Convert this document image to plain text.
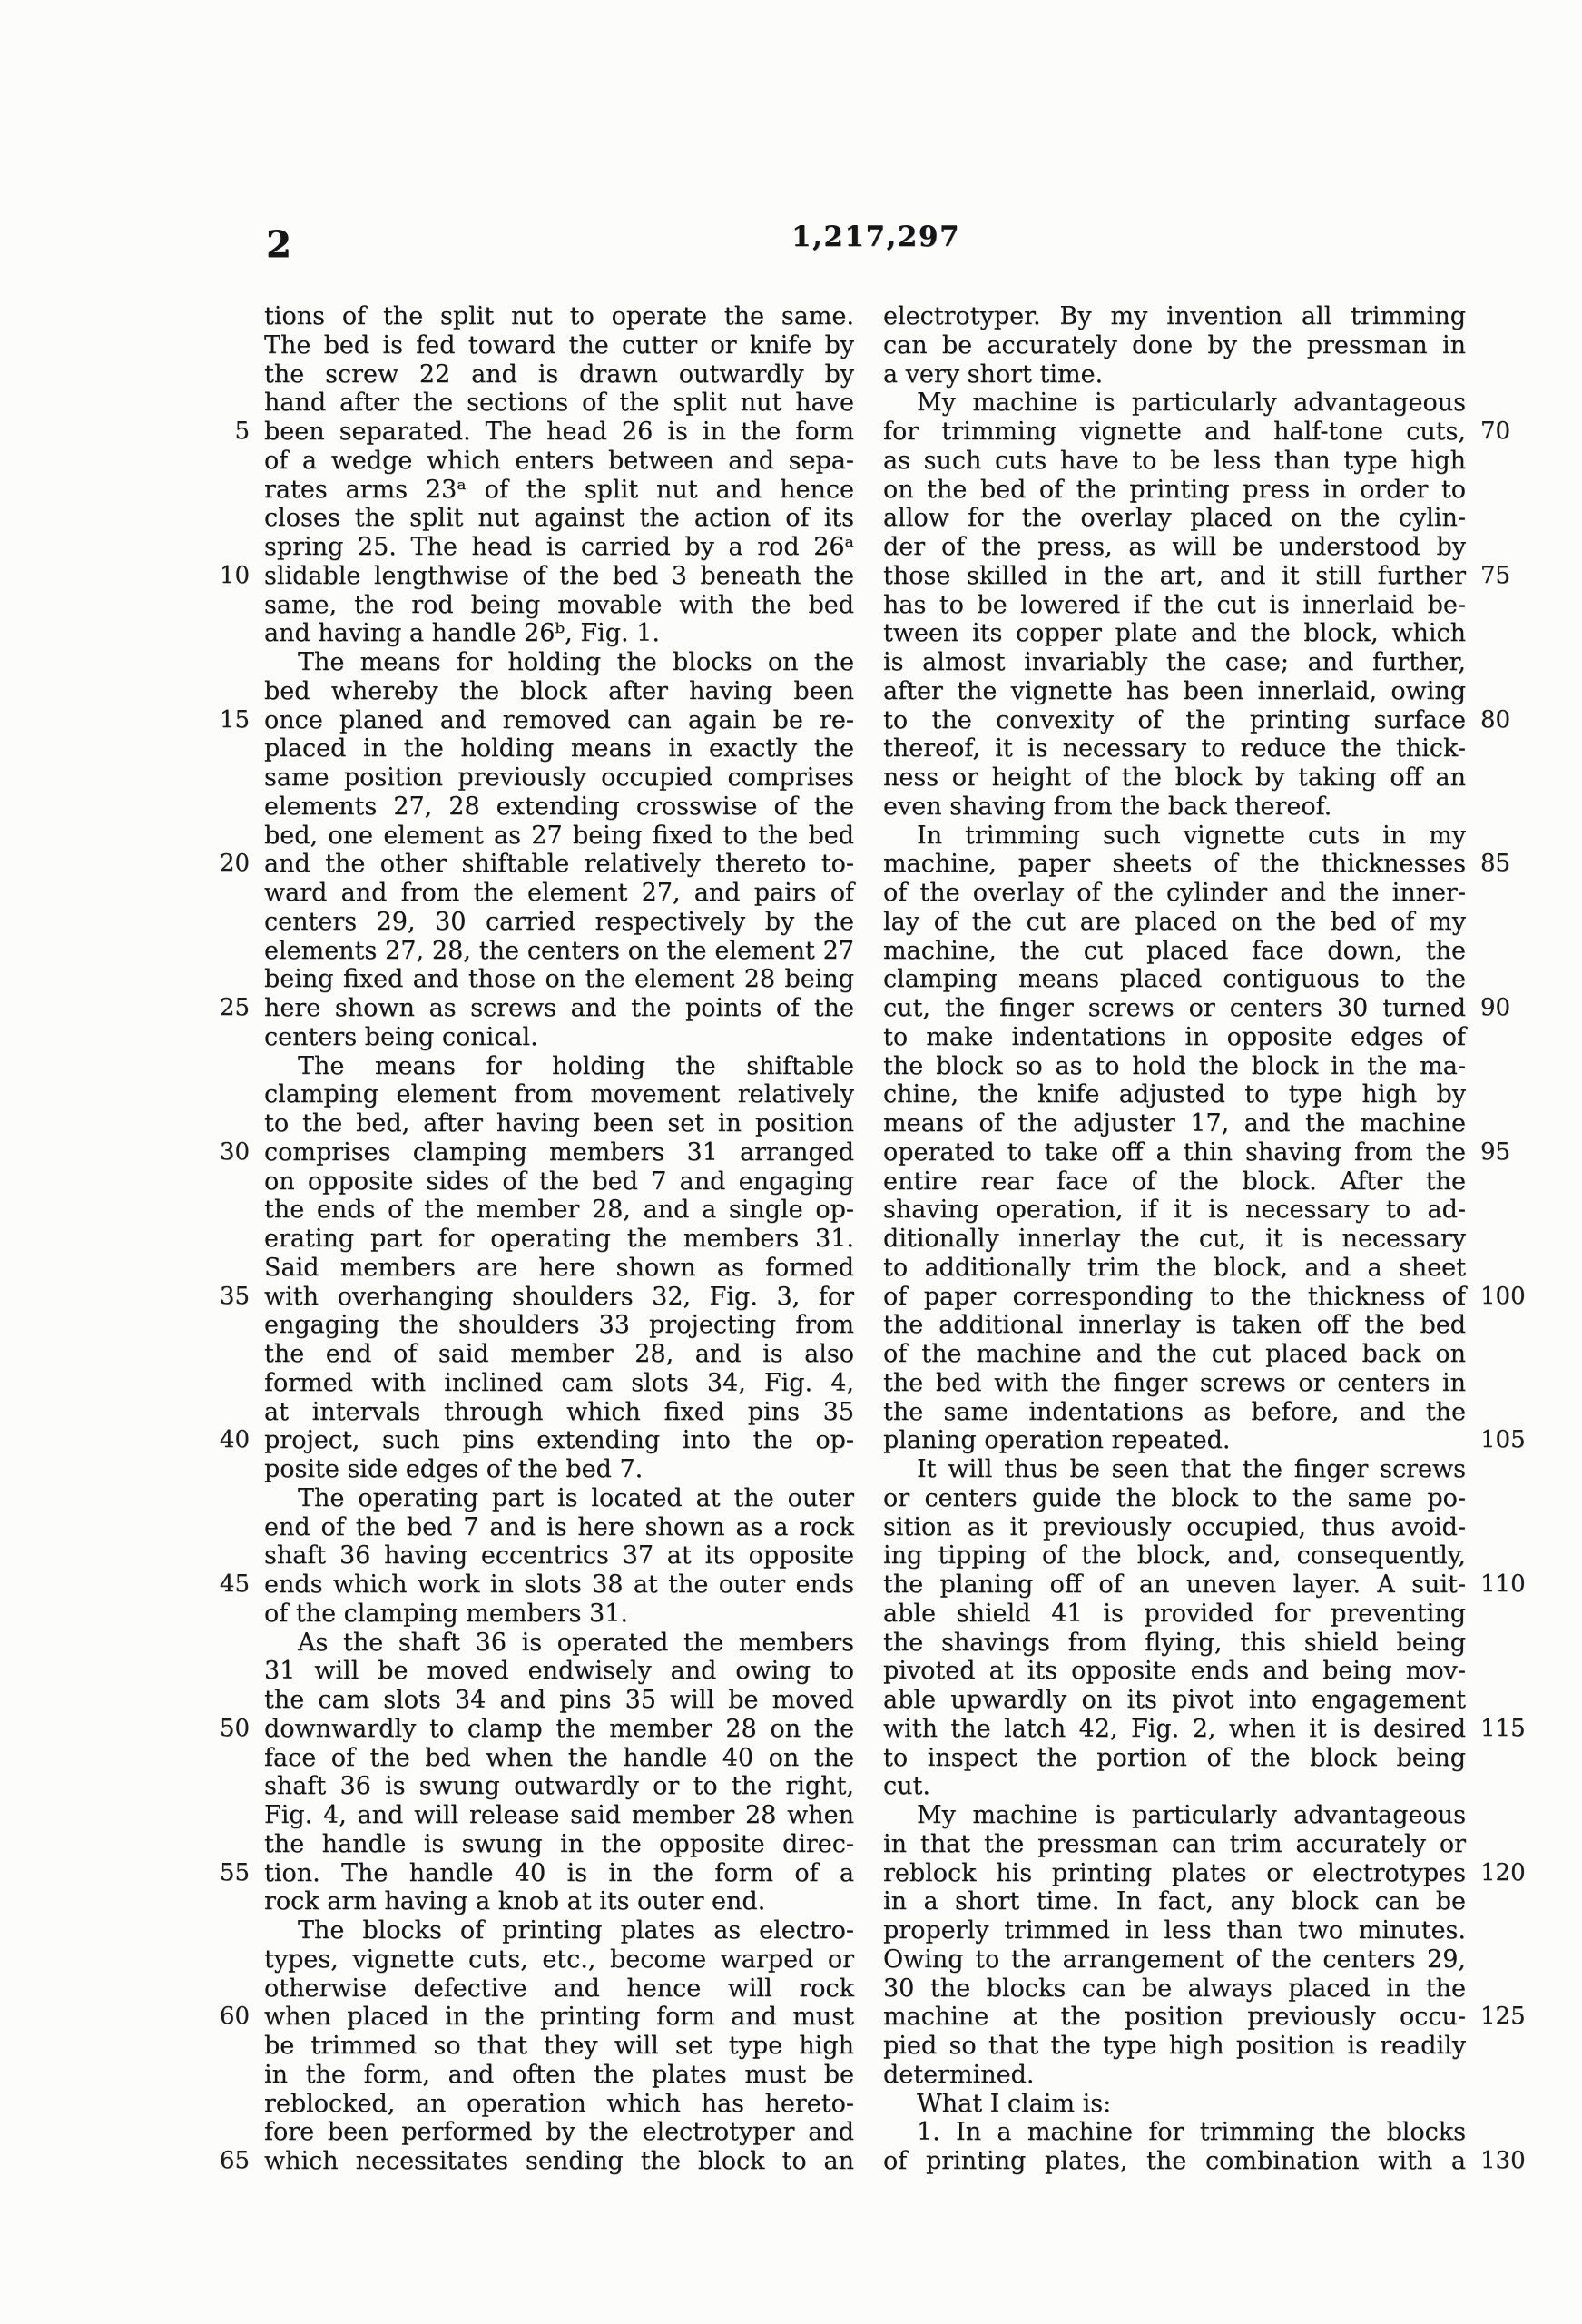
2	1,217,297
tions of the split nut to operate the same.
The bed is fed toward the cutter or knife by
the screw 22 and is drawn outwardly by
hand after the sections of the split nut have
been separated. The head 26 is in the form
5
of a wedge which enters between and sepa-
rates arms 23ᵃ of the split nut and hence
closes the split nut against the action of its
spring 25. The head is carried by a rod 26ᵃ
slidable lengthwise of the bed 3 beneath the
10
same, the rod being movable with the bed
and having a handle 26ᵇ, Fig. 1.
The means for holding the blocks on the
bed whereby the block after having been
once planed and removed can again be re-
15
placed in the holding means in exactly the
same position previously occupied comprises
elements 27, 28 extending crosswise of the
bed, one element as 27 being fixed to the bed
and the other shiftable relatively thereto to-
20
ward and from the element 27, and pairs of
centers 29, 30 carried respectively by the
elements 27, 28, the centers on the element 27
being fixed and those on the element 28 being
here shown as screws and the points of the
25
centers being conical.
The means for holding the shiftable
clamping element from movement relatively
to the bed, after having been set in position
comprises clamping members 31 arranged
30
on opposite sides of the bed 7 and engaging
the ends of the member 28, and a single op-
erating part for operating the members 31.
Said members are here shown as formed
with overhanging shoulders 32, Fig. 3, for
35
engaging the shoulders 33 projecting from
the end of said member 28, and is also
formed with inclined cam slots 34, Fig. 4,
at intervals through which fixed pins 35
project, such pins extending into the op-
40
posite side edges of the bed 7.
The operating part is located at the outer
end of the bed 7 and is here shown as a rock
shaft 36 having eccentrics 37 at its opposite
ends which work in slots 38 at the outer ends
45
of the clamping members 31.
As the shaft 36 is operated the members
31 will be moved endwisely and owing to
the cam slots 34 and pins 35 will be moved
downwardly to clamp the member 28 on the
50
face of the bed when the handle 40 on the
shaft 36 is swung outwardly or to the right,
Fig. 4, and will release said member 28 when
the handle is swung in the opposite direc-
tion. The handle 40 is in the form of a
55
rock arm having a knob at its outer end.
The blocks of printing plates as electro-
types, vignette cuts, etc., become warped or
otherwise defective and hence will rock
when placed in the printing form and must
60
be trimmed so that they will set type high
in the form, and often the plates must be
reblocked, an operation which has hereto-
fore been performed by the electrotyper and
which necessitates sending the block to an
65
electrotyper. By my invention all trimming
can be accurately done by the pressman in
a very short time.
My machine is particularly advantageous
for trimming vignette and half-tone cuts, 70
as such cuts have to be less than type high
on the bed of the printing press in order to
allow for the overlay placed on the cylin-
der of the press, as will be understood by
those skilled in the art, and it still further 75
has to be lowered if the cut is innerlaid be-
tween its copper plate and the block, which
is almost invariably the case; and further,
after the vignette has been innerlaid, owing
to the convexity of the printing surface 80
thereof, it is necessary to reduce the thick-
ness or height of the block by taking off an
even shaving from the back thereof.
In trimming such vignette cuts in my
machine, paper sheets of the thicknesses 85
of the overlay of the cylinder and the inner-
lay of the cut are placed on the bed of my
machine, the cut placed face down, the
clamping means placed contiguous to the
cut, the finger screws or centers 30 turned 90
to make indentations in opposite edges of
the block so as to hold the block in the ma-
chine, the knife adjusted to type high by
means of the adjuster 17, and the machine
operated to take off a thin shaving from the 95
entire rear face of the block. After the
shaving operation, if it is necessary to ad-
ditionally innerlay the cut, it is necessary
to additionally trim the block, and a sheet
of paper corresponding to the thickness of 100
the additional innerlay is taken off the bed
of the machine and the cut placed back on
the bed with the finger screws or centers in
the same indentations as before, and the
planing operation repeated.	105
It will thus be seen that the finger screws
or centers guide the block to the same po-
sition as it previously occupied, thus avoid-
ing tipping of the block, and, consequently,
the planing off of an uneven layer. A suit- 110
able shield 41 is provided for preventing
the shavings from flying, this shield being
pivoted at its opposite ends and being mov-
able upwardly on its pivot into engagement
with the latch 42, Fig. 2, when it is desired 115
to inspect the portion of the block being
cut.
My machine is particularly advantageous
in that the pressman can trim accurately or
reblock his printing plates or electrotypes 120
in a short time. In fact, any block can be
properly trimmed in less than two minutes.
Owing to the arrangement of the centers 29,
30 the blocks can be always placed in the
machine at the position previously occu- 125
pied so that the type high position is readily
determined.
What I claim is:
1. In a machine for trimming the blocks
of printing plates, the combination with a 130
